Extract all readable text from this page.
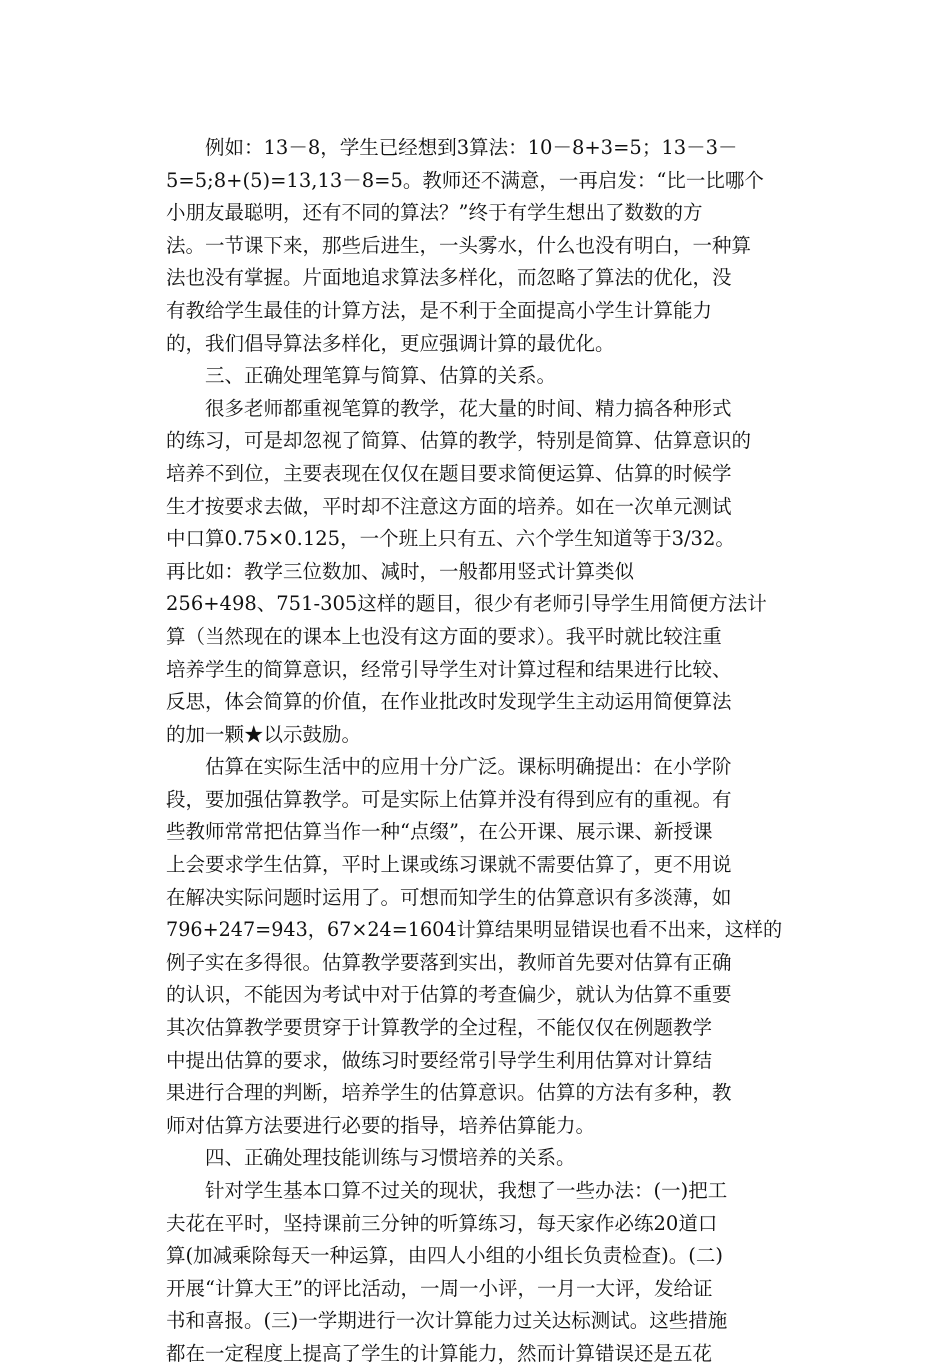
例如：13－8，学生已经想到3算法：10－8+3=5；13－3－
5=5;8+(5)=13,13－8=5。教师还不满意，一再启发：“比一比哪个
小朋友最聪明，还有不同的算法？”终于有学生想出了数数的方
法。一节课下来，那些后进生，一头雾水，什么也没有明白，一种算
法也没有掌握。片面地追求算法多样化，而忽略了算法的优化，没
有教给学生最佳的计算方法，是不利于全面提高小学生计算能力
的，我们倡导算法多样化，更应强调计算的最优化。
三、正确处理笔算与简算、估算的关系。
很多老师都重视笔算的教学，花大量的时间、精力搞各种形式
的练习，可是却忽视了简算、估算的教学，特别是简算、估算意识的
培养不到位，主要表现在仅仅在题目要求简便运算、估算的时候学
生才按要求去做，平时却不注意这方面的培养。如在一次单元测试
中口算0.75×0.125，一个班上只有五、六个学生知道等于3/32。
再比如：教学三位数加、减时，一般都用竖式计算类似
256+498、751-305这样的题目，很少有老师引导学生用简便方法计
算（当然现在的课本上也没有这方面的要求）。我平时就比较注重
培养学生的简算意识，经常引导学生对计算过程和结果进行比较、
反思，体会简算的价值，在作业批改时发现学生主动运用简便算法
的加一颗★以示鼓励。
估算在实际生活中的应用十分广泛。课标明确提出：在小学阶
段，要加强估算教学。可是实际上估算并没有得到应有的重视。有
些教师常常把估算当作一种“点缀”，在公开课、展示课、新授课
上会要求学生估算，平时上课或练习课就不需要估算了，更不用说
在解决实际问题时运用了。可想而知学生的估算意识有多淡薄，如
796+247=943，67×24=1604计算结果明显错误也看不出来，这样的
例子实在多得很。估算教学要落到实出，教师首先要对估算有正确
的认识，不能因为考试中对于估算的考查偏少，就认为估算不重要
其次估算教学要贯穿于计算教学的全过程，不能仅仅在例题教学
中提出估算的要求，做练习时要经常引导学生利用估算对计算结
果进行合理的判断，培养学生的估算意识。估算的方法有多种，教
师对估算方法要进行必要的指导，培养估算能力。
四、正确处理技能训练与习惯培养的关系。
针对学生基本口算不过关的现状，我想了一些办法：(一)把工
夫花在平时，坚持课前三分钟的听算练习，每天家作必练20道口
算(加减乘除每天一种运算，由四人小组的小组长负责检查)。(二)
开展“计算大王”的评比活动，一周一小评，一月一大评，发给证
书和喜报。(三)一学期进行一次计算能力过关达标测试。这些措施
都在一定程度上提高了学生的计算能力，然而计算错误还是五花
